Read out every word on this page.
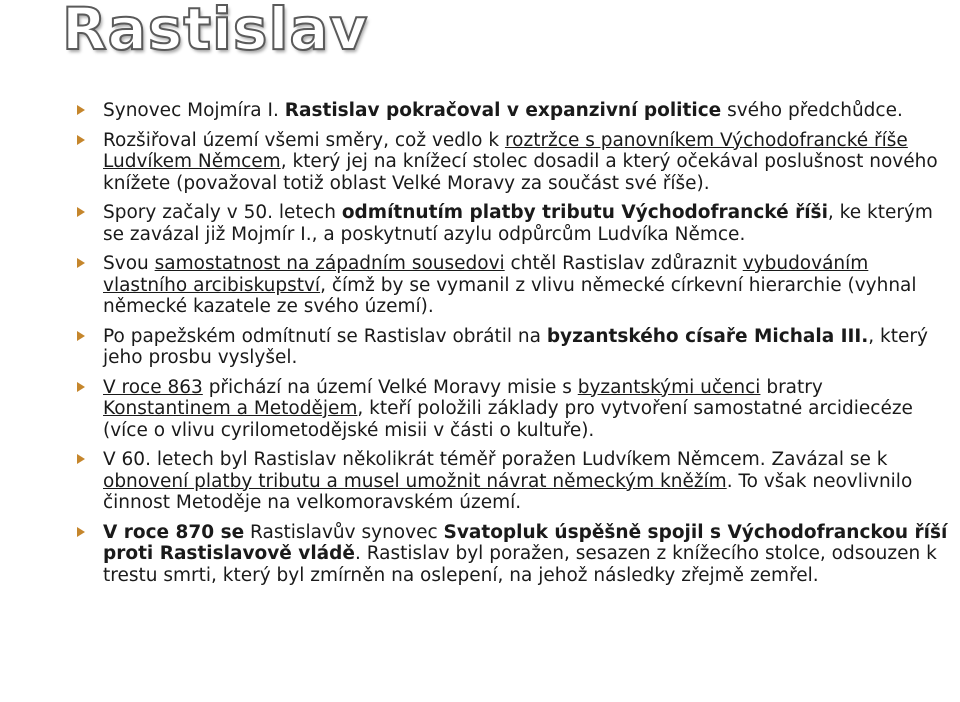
Rastislav
Synovec Mojmíra I. Rastislav pokračoval v expanzivní politice svého předchůdce.
Rozšiřoval území všemi směry, což vedlo k roztržce s panovníkem Východofrancké říše Ludvíkem Němcem, který jej na knížecí stolec dosadil a který očekával poslušnost nového knížete (považoval totiž oblast Velké Moravy za součást své říše).
Spory začaly v 50. letech odmítnutím platby tributu Východofrancké říši, ke kterým se zavázal již Mojmír I., a poskytnutí azylu odpůrcům Ludvíka Němce.
Svou samostatnost na západním sousedovi chtěl Rastislav zdůraznit vybudováním vlastního arcibiskupství, čímž by se vymanil z vlivu německé církevní hierarchie (vyhnal německé kazatele ze svého území).
Po papežském odmítnutí se Rastislav obrátil na byzantského císaře Michala III., který jeho prosbu vyslyšel.
V roce 863 přichází na území Velké Moravy misie s byzantskými učenci bratry Konstantinem a Metodějem, kteří položili základy pro vytvoření samostatné arcidiecéze (více o vlivu cyrilometodějské misii v části o kultuře).
V 60. letech byl Rastislav několikrát téměř poražen Ludvíkem Němcem. Zavázal se k obnovení platby tributu a musel umožnit návrat německým kněžím. To však neovlivnilo činnost Metoděje na velkomoravském území.
V roce 870 se Rastislavův synovec Svatopluk úspěšně spojil s Východofranckou říší proti Rastislavově vládě. Rastislav byl poražen, sesazen z knížecího stolce, odsouzen k trestu smrti, který byl zmírněn na oslepení, na jehož následky zřejmě zemřel.
